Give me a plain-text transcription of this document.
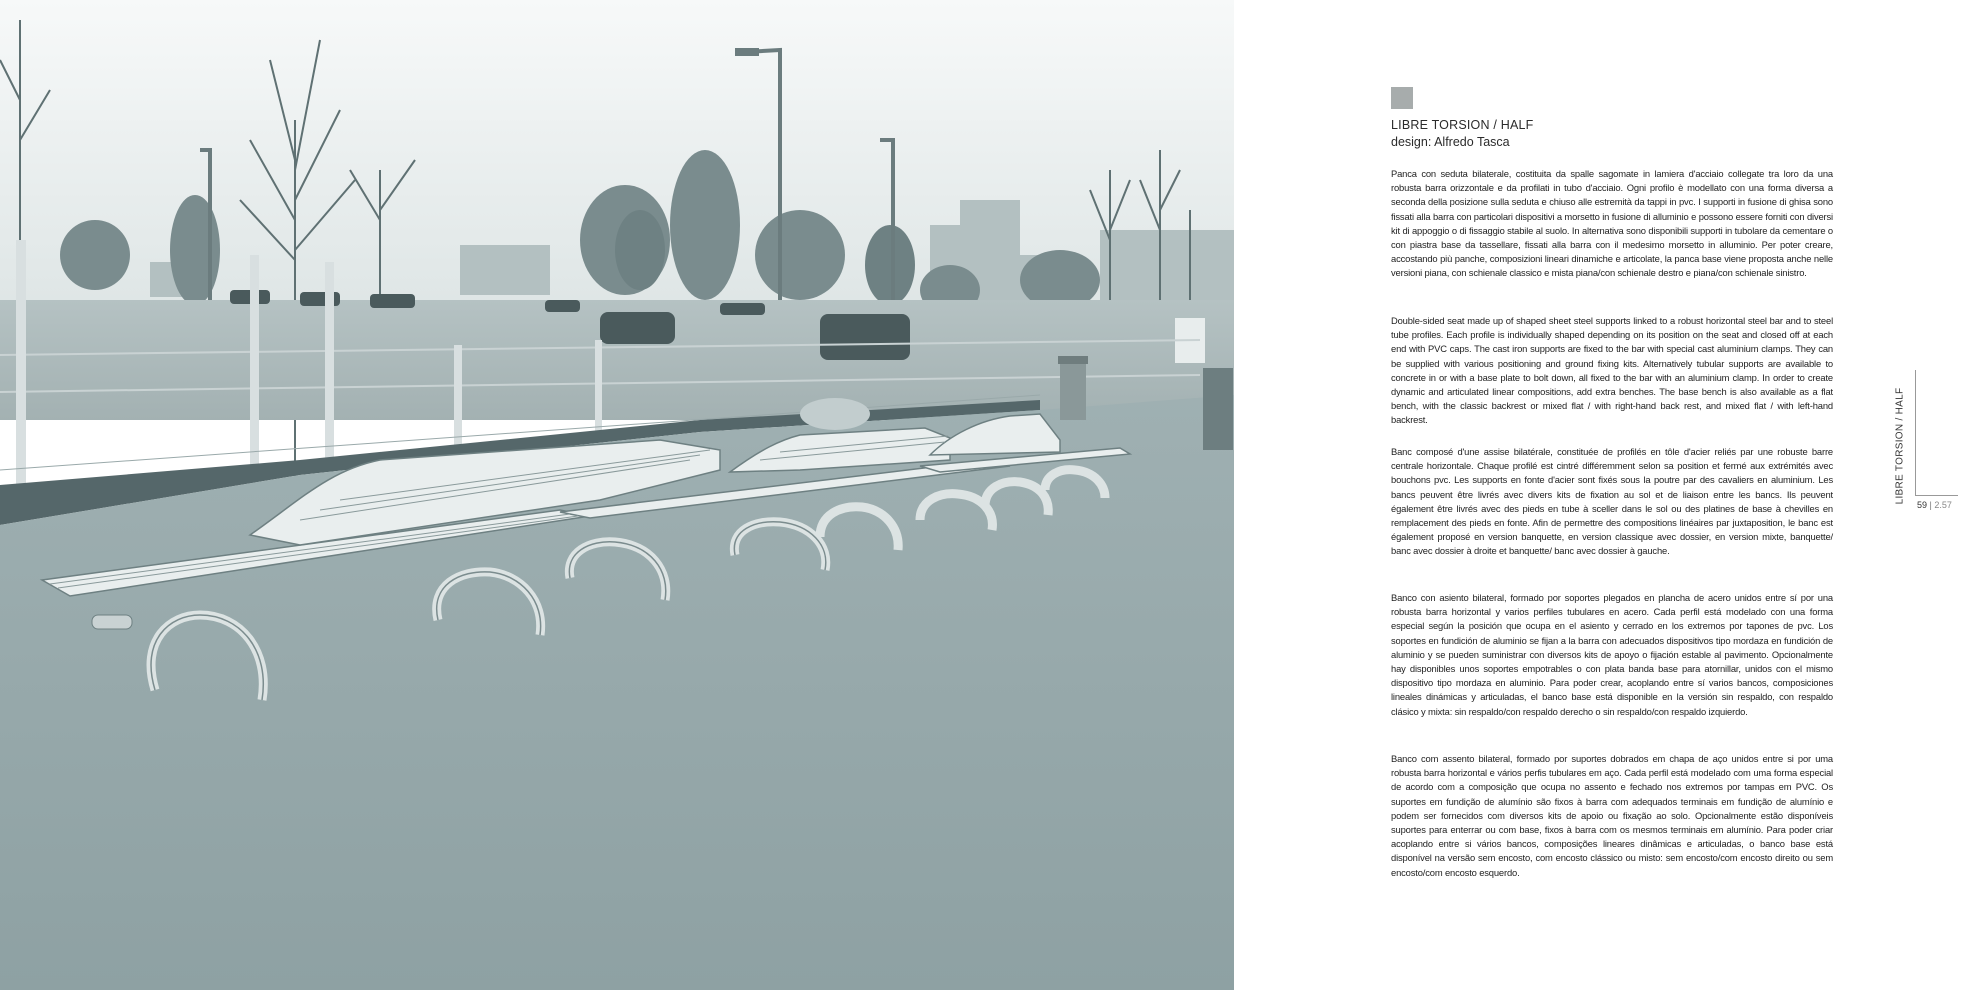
LIBRE TORSION / HALF
design: Alfredo Tasca

Panca con seduta bilaterale, costituita da spalle sagomate in lamiera d'acciaio collegate tra loro da una robusta barra orizzontale e da profilati in tubo d'acciaio. Ogni profilo è modellato con una forma diversa a seconda della posizione sulla seduta e chiuso alle estremità da tappi in pvc. I supporti in fusione di ghisa sono fissati alla barra con particolari dispositivi a morsetto in fusione di alluminio e possono essere forniti con diversi kit di appoggio o di fissaggio stabile al suolo. In alternativa sono disponibili supporti in tubolare da cementare o con piastra base da tassellare, fissati alla barra con il medesimo morsetto in alluminio. Per poter creare, accostando più panche, composizioni lineari dinamiche e articolate, la panca base viene proposta anche nelle versioni piana, con schienale classico e mista piana/con schienale destro e piana/con schienale sinistro.

Double-sided seat made up of shaped sheet steel supports linked to a robust horizontal steel bar and to steel tube profiles. Each profile is individually shaped depending on its position on the seat and closed off at each end with PVC caps. The cast iron supports are fixed to the bar with special cast aluminium clamps. They can be supplied with various positioning and ground fixing kits. Alternatively tubular supports are available to concrete in or with a base plate to bolt down, all fixed to the bar with an aluminium clamp. In order to create dynamic and articulated linear compositions, add extra benches. The base bench is also available as a flat bench, with the classic backrest or mixed flat / with right-hand back rest, and mixed flat / with left-hand backrest.

Banc composé d'une assise bilatérale, constituée de profilés en tôle d'acier reliés par une robuste barre centrale horizontale. Chaque profilé est cintré différemment selon sa position et fermé aux extrémités avec bouchons pvc. Les supports en fonte d'acier sont fixés sous la poutre par des cavaliers en aluminium. Les bancs peuvent être livrés avec divers kits de fixation au sol et de liaison entre les bancs. Ils peuvent également être livrés avec des pieds en tube à sceller dans le sol ou des platines de base à chevilles en remplacement des pieds en fonte. Afin de permettre des compositions linéaires par juxtaposition, le banc est également proposé en version banquette, en version classique avec dossier, en version mixte, banquette/ banc avec dossier à droite et banquette/ banc avec dossier à gauche.

Banco con asiento bilateral, formado por soportes plegados en plancha de acero unidos entre sí por una robusta barra horizontal y varios perfiles tubulares en acero. Cada perfil está modelado con una forma especial según la posición que ocupa en el asiento y cerrado en los extremos por tapones de pvc. Los soportes en fundición de aluminio se fijan a la barra con adecuados dispositivos tipo mordaza en fundición de aluminio y se pueden suministrar con diversos kits de apoyo o fijación estable al pavimento. Opcionalmente hay disponibles unos soportes empotrables o con plata banda base para atornillar, unidos con el mismo dispositivo tipo mordaza en aluminio. Para poder crear, acoplando entre sí varios bancos, composiciones lineales dinámicas y articuladas, el banco base está disponible en la versión sin respaldo, con respaldo clásico y mixta: sin respaldo/con respaldo derecho o sin respaldo/con respaldo izquierdo.

Banco com assento bilateral, formado por suportes dobrados em chapa de aço unidos entre si por uma robusta barra horizontal e vários perfis tubulares em aço. Cada perfil está modelado com uma forma especial de acordo com a composição que ocupa no assento e fechado nos extremos por tampas em PVC. Os suportes em fundição de alumínio são fixos à barra com adequados terminais em fundição de alumínio e podem ser fornecidos com diversos kits de apoio ou fixação ao solo. Opcionalmente estão disponíveis suportes para enterrar ou com base, fixos à barra com os mesmos terminais em alumínio. Para poder criar acoplando entre si vários bancos, composições lineares dinâmicas e articuladas, o banco base está disponível na versão sem encosto, com encosto clássico ou misto: sem encosto/com encosto direito ou sem encosto/com encosto esquerdo.

LIBRE TORSION / HALF
59 | 2.57
